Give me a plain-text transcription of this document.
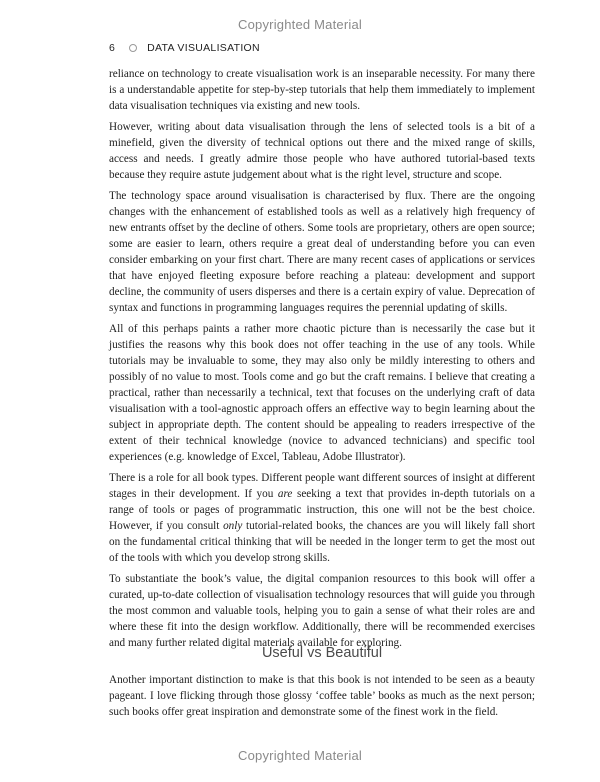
Copyrighted Material
6	DATA VISUALISATION

reliance on technology to create visualisation work is an inseparable necessity. For many there is a understandable appetite for step-by-step tutorials that help them immediately to implement data visualisation techniques via existing and new tools.

However, writing about data visualisation through the lens of selected tools is a bit of a minefield, given the diversity of technical options out there and the mixed range of skills, access and needs. I greatly admire those people who have authored tutorial-based texts because they require astute judgement about what is the right level, structure and scope.

The technology space around visualisation is characterised by flux. There are the ongoing changes with the enhancement of established tools as well as a relatively high frequency of new entrants offset by the decline of others. Some tools are proprietary, others are open source; some are easier to learn, others require a great deal of understanding before you can even consider embarking on your first chart. There are many recent cases of applications or services that have enjoyed fleeting exposure before reaching a plateau: development and support decline, the community of users disperses and there is a certain expiry of value. Deprecation of syntax and functions in programming languages requires the perennial updating of skills.

All of this perhaps paints a rather more chaotic picture than is necessarily the case but it justifies the reasons why this book does not offer teaching in the use of any tools. While tutorials may be invaluable to some, they may also only be mildly interesting to others and possibly of no value to most. Tools come and go but the craft remains. I believe that creating a practical, rather than necessarily a technical, text that focuses on the underlying craft of data visualisation with a tool-agnostic approach offers an effective way to begin learning about the subject in appropriate depth. The content should be appealing to readers irrespective of the extent of their technical knowledge (novice to advanced technicians) and specific tool experiences (e.g. knowledge of Excel, Tableau, Adobe Illustrator).

There is a role for all book types. Different people want different sources of insight at different stages in their development. If you are seeking a text that provides in-depth tutorials on a range of tools or pages of programmatic instruction, this one will not be the best choice. However, if you consult only tutorial-related books, the chances are you will likely fall short on the fundamental critical thinking that will be needed in the longer term to get the most out of the tools with which you develop strong skills.

To substantiate the book’s value, the digital companion resources to this book will offer a curated, up-to-date collection of visualisation technology resources that will guide you through the most common and valuable tools, helping you to gain a sense of what their roles are and where these fit into the design workflow. Additionally, there will be recommended exercises and many further related digital materials available for exploring.

Useful vs Beautiful

Another important distinction to make is that this book is not intended to be seen as a beauty pageant. I love flicking through those glossy ‘coffee table’ books as much as the next person; such books offer great inspiration and demonstrate some of the finest work in the field.

Copyrighted Material
